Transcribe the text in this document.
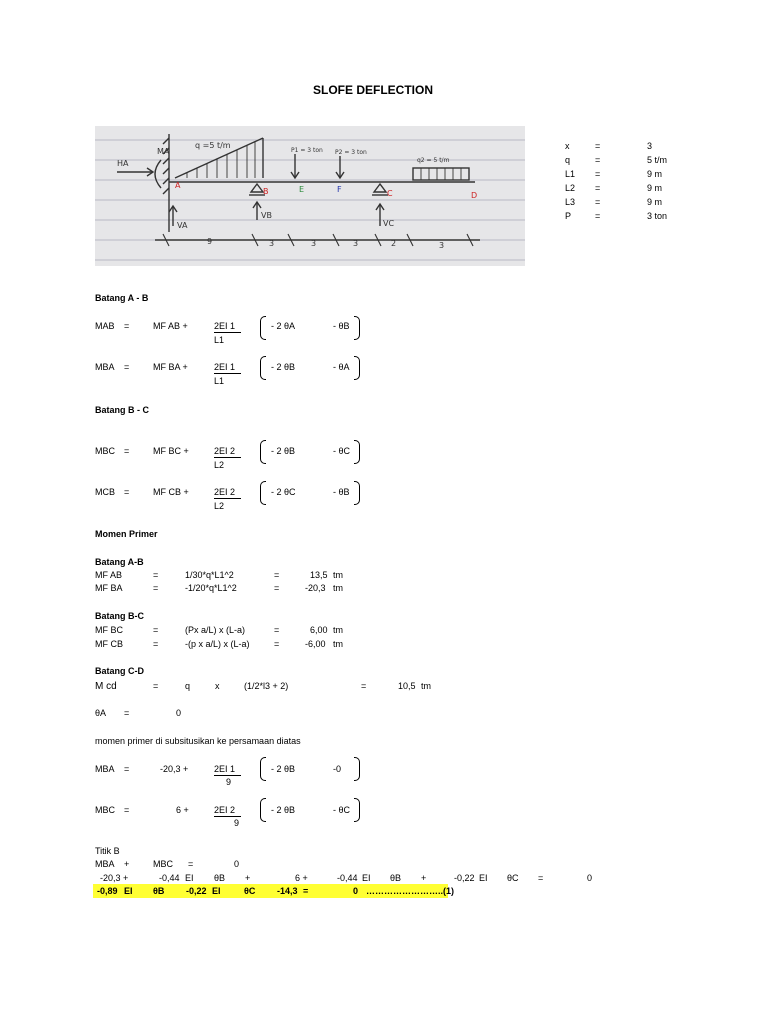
SLOFE DEFLECTION
MA
HA
q =5 t/m
A
B
P1 = 3 ton
E
P2 = 3 ton
F
q2 = 5 t/m
C	D
VA
VB
VC
9	3	3	3	2	3
x	=	3
q	=	5 t/m
L1 =	9 m
L2 =	9 m
L3 =	9 m
P	=	3 ton
Batang A - B
MAB =	MF AB +	2EI 1
L1
- 2 θA	- θB
MBA =	MF BA +	2EI 1
L1
- 2 θB	- θA
Batang B - C
MBC =	MF BC +	2EI 2
L2
- 2 θB	- θC
MCB =	MF CB +	2EI 2
L2
- 2 θC	- θB
Momen Primer
Batang A-B
MF AB	=	1/30*q*L1^2	=	13,5 tm
MF BA	=	-1/20*q*L1^2	=	-20,3 tm
Batang B-C
MF BC	=	(Px a/L) x (L-a)	=	6,00 tm
MF CB	=	-(p x a/L) x (L-a)	=	-6,00 tm
Batang C-D
M cd	=	q	x	(1/2*l3 + 2)	=	10,5 tm
θA =	0
momen primer di subsitusikan ke persamaan diatas
MBA =	-20,3 +	2EI 1
9
- 2 θB	-0
MBC =	6 +	2EI 2
9
- 2 θB	- θC
Titik B
MBA +	MBC =	0
-20,3 +	-0,44 EI θB +	6 +	-0,44 EI θB +	-0,22 EI θC =	0
-0,89 EI θB -0,22 EI	θC -14,3 =	0 ……………………..(1)
